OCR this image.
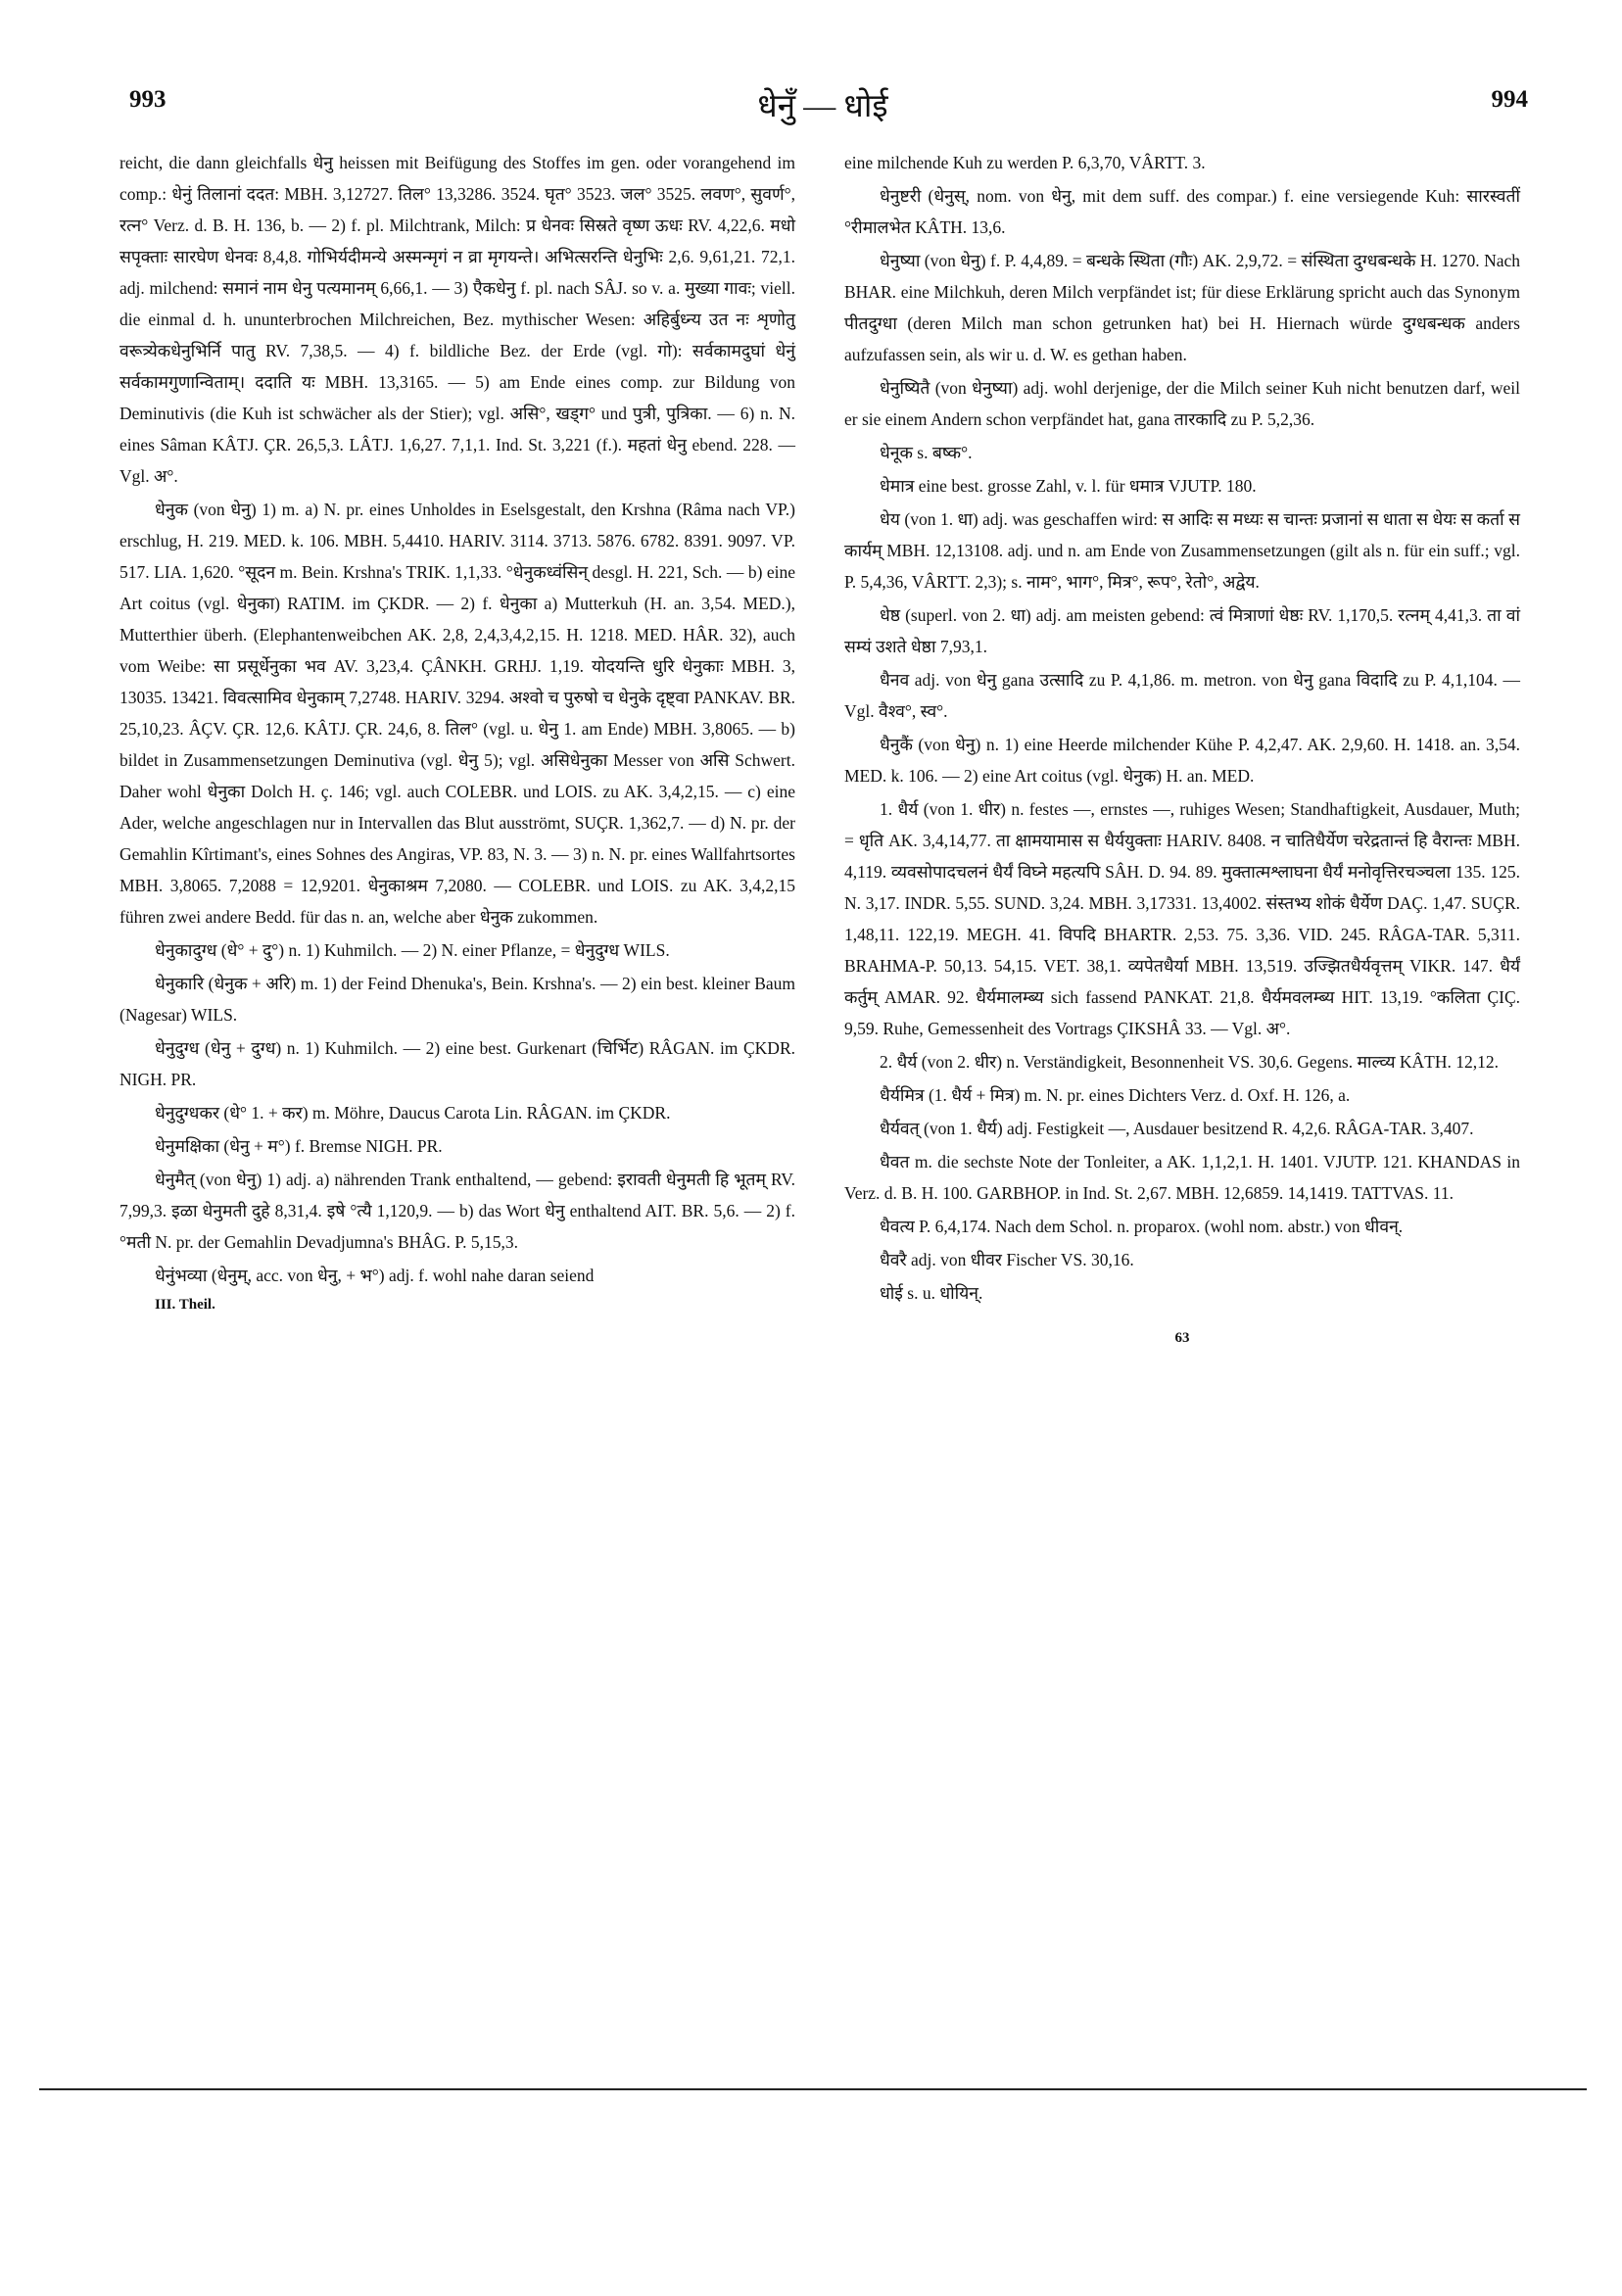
993	धेनुँ — धोई	994

reicht, die dann gleichfalls धेनु heissen mit Beifügung des Stoffes im gen. oder vorangehend im comp.: धेनुं तिलानां ददत: MBH. 3,12727. तिल° 13,3286. 3524. घृत° 3523. जल° 3525. लवण°, सुवर्ण°, रत्न° Verz. d. B. H. 136, b. — 2) f. pl. Milchtrank, Milch: प्र धेनवः सिस्रते वृष्ण ऊधः RV. 4,22,6. मधो सपृक्ताः सारघेण धेनवः 8,4,8. गोभिर्यदीमन्ये अस्मन्मृगं न व्रा मृगयन्ते। अभित्सरन्ति धेनुभिः 2,6. 9,61,21. 72,1. adj. milchend: समानं नाम धेनु पत्यमानम् 6,66,1. — 3) एैकधेनु f. pl. nach SÂJ. so v. a. मुख्या गावः; viell. die einmal d. h. ununterbrochen Milchreichen, Bez. mythischer Wesen: अहिर्बुध्न्य उत नः शृणोतु वरूत्र्येकधेनुभिर्नि पातु RV. 7,38,5. — 4) f. bildliche Bez. der Erde (vgl. गो): सर्वकामदुघां धेनुं सर्वकामगुणान्विताम्। ददाति यः MBH. 13,3165. — 5) am Ende eines comp. zur Bildung von Deminutivis (die Kuh ist schwächer als der Stier); vgl. असि°, खड्ग° und पुत्री, पुत्रिका. — 6) n. N. eines Sâman KÂTJ. ÇR. 26,5,3. LÂTJ. 1,6,27. 7,1,1. Ind. St. 3,221 (f.). महतां धेनु ebend. 228. — Vgl. अ°.

धेनुक (von धेनु) 1) m. a) N. pr. eines Unholdes in Eselsgestalt, den Krshna (Râma nach VP.) erschlug, H. 219. MED. k. 106. MBH. 5,4410. HARIV. 3114. 3713. 5876. 6782. 8391. 9097. VP. 517. LIA. 1,620. °सूदन m. Bein. Krshna's TRIK. 1,1,33. °धेनुकध्वंसिन् desgl. H. 221, Sch. — b) eine Art coitus (vgl. धेनुका) RATIM. im ÇKDR. — 2) f. धेनुका a) Mutterkuh (H. an. 3,54. MED.), Mutterthier überh. (Elephantenweibchen AK. 2,8, 2,4,3,4,2,15. H. 1218. MED. HÂR. 32), auch vom Weibe: सा प्रसूर्धेनुका भव AV. 3,23,4. ÇÂNKH. GRHJ. 1,19. योदयन्ति धुरि धेनुकाः MBH. 3, 13035. 13421. विवत्सामिव धेनुकाम् 7,2748. HARIV. 3294. अश्वो च पुरुषो च धेनुके दृष्ट्वा PANKAV. BR. 25,10,23. ÂÇV. ÇR. 12,6. KÂTJ. ÇR. 24,6, 8. तिल° (vgl. u. धेनु 1. am Ende) MBH. 3,8065. — b) bildet in Zusammensetzungen Deminutiva (vgl. धेनु 5); vgl. असिधेनुका Messer von असि Schwert. Daher wohl धेनुका Dolch H. ç. 146; vgl. auch COLEBR. und LOIS. zu AK. 3,4,2,15. — c) eine Ader, welche angeschlagen nur in Intervallen das Blut ausströmt, SUÇR. 1,362,7. — d) N. pr. der Gemahlin Kîrtimant's, eines Sohnes des Angiras, VP. 83, N. 3. — 3) n. N. pr. eines Wallfahrtsortes MBH. 3,8065. 7,2088 = 12,9201. धेनुकाश्रम 7,2080. — COLEBR. und LOIS. zu AK. 3,4,2,15 führen zwei andere Bedd. für das n. an, welche aber धेनुक zukommen.

धेनुकादुग्ध (धे° + दु°) n. 1) Kuhmilch. — 2) N. einer Pflanze, = धेनुदुग्ध WILS.

धेनुकारि (धेनुक + अरि) m. 1) der Feind Dhenuka's, Bein. Krshna's. — 2) ein best. kleiner Baum (Nagesar) WILS.

धेनुदुग्ध (धेनु + दुग्ध) n. 1) Kuhmilch. — 2) eine best. Gurkenart (चिर्भिट) RÂGAN. im ÇKDR. NIGH. PR.

धेनुदुग्धकर (धे° 1. + कर) m. Möhre, Daucus Carota Lin. RÂGAN. im ÇKDR.

धेनुमक्षिका (धेनु + म°) f. Bremse NIGH. PR.

धेनुमैत् (von धेनु) 1) adj. a) nährenden Trank enthaltend, — gebend: इरावती धेनुमती हि भूतम् RV. 7,99,3. इळा धेनुमती दुहे 8,31,4. इषे °त्यै 1,120,9. — b) das Wort धेनु enthaltend AIT. BR. 5,6. — 2) f. °मती N. pr. der Gemahlin Devadjumna's BHÂG. P. 5,15,3.

धेनुंभव्या (धेनुम्, acc. von धेनु, + भ°) adj. f. wohl nahe daran seiend

III. Theil.

eine milchende Kuh zu werden P. 6,3,70, VÂRTT. 3.

धेनुष्टरी (धेनुस्, nom. von धेनु, mit dem suff. des compar.) f. eine versiegende Kuh: सारस्वतीं °रीमालभेत KÂTH. 13,6.

धेनुष्या (von धेनु) f. P. 4,4,89. = बन्धके स्थिता (गौः) AK. 2,9,72. = संस्थिता दुग्धबन्धके H. 1270. Nach BHAR. eine Milchkuh, deren Milch verpfändet ist; für diese Erklärung spricht auch das Synonym पीतदुग्धा (deren Milch man schon getrunken hat) bei H. Hiernach würde दुग्धबन्धक anders aufzufassen sein, als wir u. d. W. es gethan haben.

धेनुष्यितै (von धेनुष्या) adj. wohl derjenige, der die Milch seiner Kuh nicht benutzen darf, weil er sie einem Andern schon verpfändet hat, gana तारकादि zu P. 5,2,36.

धेनूक s. बष्क°.

धेमात्र eine best. grosse Zahl, v. l. für धमात्र VJUTP. 180.

धेय (von 1. धा) adj. was geschaffen wird: स आदिः स मध्यः स चान्तः प्रजानां स धाता स धेयः स कर्ता स कार्यम् MBH. 12,13108. adj. und n. am Ende von Zusammensetzungen (gilt als n. für ein suff.; vgl. P. 5,4,36, VÂRTT. 2,3); s. नाम°, भाग°, मित्र°, रूप°, रेतो°, अद्वेय.

धेष्ठ (superl. von 2. धा) adj. am meisten gebend: त्वं मित्राणां धेष्ठः RV. 1,170,5. रत्नम् 4,41,3. ता वां सम्यं उशते धेष्ठा 7,93,1.

धैनव adj. von धेनु gana उत्सादि zu P. 4,1,86. m. metron. von धेनु gana विदादि zu P. 4,1,104. — Vgl. वैश्व°, स्व°.

धैनुकैं (von धेनु) n. 1) eine Heerde milchender Kühe P. 4,2,47. AK. 2,9,60. H. 1418. an. 3,54. MED. k. 106. — 2) eine Art coitus (vgl. धेनुक) H. an. MED.

1. धैर्य (von 1. धीर) n. festes —, ernstes —, ruhiges Wesen; Standhaftigkeit, Ausdauer, Muth; = धृति AK. 3,4,14,77. ता क्षामयामास स धैर्ययुक्ताः HARIV. 8408. न चातिधैर्येण चरेद्रतान्तं हि वैरान्तः MBH. 4,119. व्यवसोपादचलनं धैर्यं विघ्ने महत्यपि SÂH. D. 94. 89. मुक्तात्मश्लाघना धैर्यं मनोवृत्तिरचञ्चला 135. 125. N. 3,17. INDR. 5,55. SUND. 3,24. MBH. 3,17331. 13,4002. संस्तभ्य शोकं धैर्येण DAÇ. 1,47. SUÇR. 1,48,11. 122,19. MEGH. 41. विपदि BHARTR. 2,53. 75. 3,36. VID. 245. RÂGA-TAR. 5,311. BRAHMA-P. 50,13. 54,15. VET. 38,1. व्यपेतधैर्या MBH. 13,519. उज्झितधैर्यवृत्तम् VIKR. 147. धैर्यं कर्तुम् AMAR. 92. धैर्यमालम्ब्य sich fassend PANKAT. 21,8. धैर्यमवलम्ब्य HIT. 13,19. °कलिता ÇIÇ. 9,59. Ruhe, Gemessenheit des Vortrags ÇIKSHÂ 33. — Vgl. अ°.

2. धैर्य (von 2. धीर) n. Verständigkeit, Besonnenheit VS. 30,6. Gegens. माल्व्य KÂTH. 12,12.

धैर्यमित्र (1. धैर्य + मित्र) m. N. pr. eines Dichters Verz. d. Oxf. H. 126, a.

धैर्यवत् (von 1. धैर्य) adj. Festigkeit —, Ausdauer besitzend R. 4,2,6. RÂGA-TAR. 3,407.

धैवत m. die sechste Note der Tonleiter, a AK. 1,1,2,1. H. 1401. VJUTP. 121. KHANDAS in Verz. d. B. H. 100. GARBHOP. in Ind. St. 2,67. MBH. 12,6859. 14,1419. TATTVAS. 11.

धैवत्य P. 6,4,174. Nach dem Schol. n. proparox. (wohl nom. abstr.) von धीवन्.

धैवरै adj. von धीवर Fischer VS. 30,16.

धोई s. u. धोयिन्.

63
